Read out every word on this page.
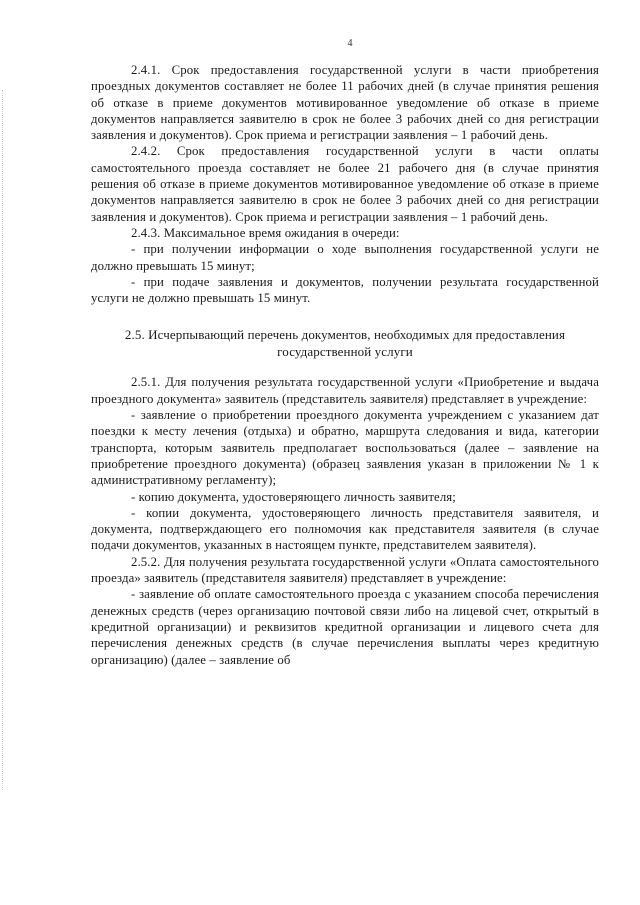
4

2.4.1. Срок предоставления государственной услуги в части приобретения проездных документов составляет не более 11 рабочих дней (в случае принятия решения об отказе в приеме документов мотивированное уведомление об отказе в приеме документов направляется заявителю в срок не более 3 рабочих дней со дня регистрации заявления и документов). Срок приема и регистрации заявления – 1 рабочий день.

2.4.2. Срок предоставления государственной услуги в части оплаты самостоятельного проезда составляет не более 21 рабочего дня (в случае принятия решения об отказе в приеме документов мотивированное уведомление об отказе в приеме документов направляется заявителю в срок не более 3 рабочих дней со дня регистрации заявления и документов). Срок приема и регистрации заявления – 1 рабочий день.

2.4.3. Максимальное время ожидания в очереди:

- при получении информации о ходе выполнения государственной услуги не должно превышать 15 минут;

- при подаче заявления и документов, получении результата государственной услуги не должно превышать 15 минут.

2.5. Исчерпывающий перечень документов, необходимых для предоставления государственной услуги

2.5.1. Для получения результата государственной услуги «Приобретение и выдача проездного документа» заявитель (представитель заявителя) представляет в учреждение:

- заявление о приобретении проездного документа учреждением с указанием дат поездки к месту лечения (отдыха) и обратно, маршрута следования и вида, категории транспорта, которым заявитель предполагает воспользоваться (далее – заявление на приобретение проездного документа) (образец заявления указан в приложении № 1 к административному регламенту);

- копию документа, удостоверяющего личность заявителя;

- копии документа, удостоверяющего личность представителя заявителя, и документа, подтверждающего его полномочия как представителя заявителя (в случае подачи документов, указанных в настоящем пункте, представителем заявителя).

2.5.2. Для получения результата государственной услуги «Оплата самостоятельного проезда» заявитель (представителя заявителя) представляет в учреждение:

- заявление об оплате самостоятельного проезда с указанием способа перечисления денежных средств (через организацию почтовой связи либо на лицевой счет, открытый в кредитной организации) и реквизитов кредитной организации и лицевого счета для перечисления денежных средств (в случае перечисления выплаты через кредитную организацию) (далее – заявление об
